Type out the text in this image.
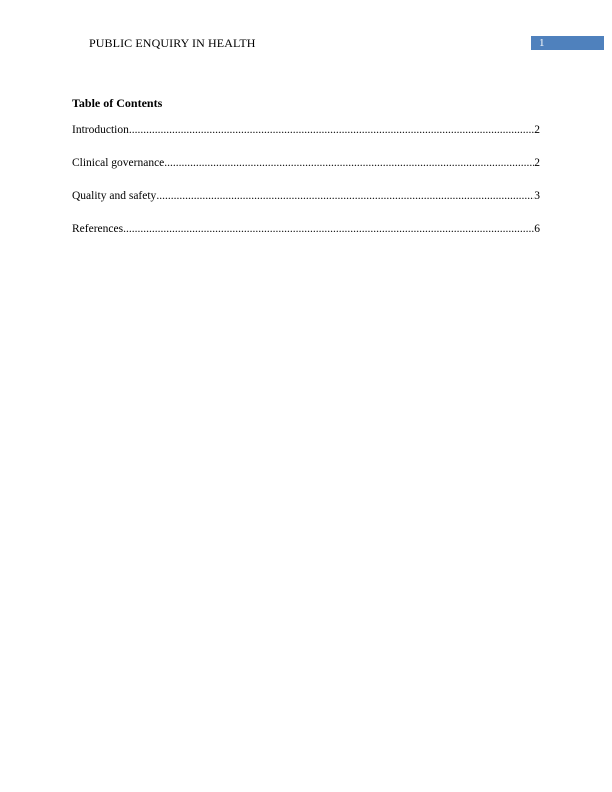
PUBLIC ENQUIRY IN HEALTH	1
Table of Contents
Introduction .....	2
Clinical governance .....	2
Quality and safety .....	3
References .....	6
